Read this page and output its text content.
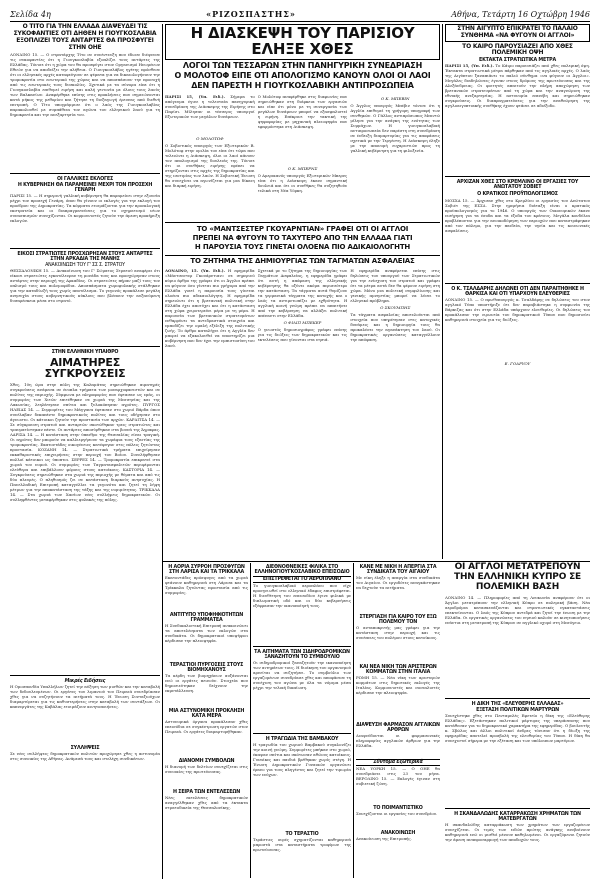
Σελίδα 4η	«ΡΙΖΟΣΠΑΣΤΗΣ»	Αθήνα, Τετάρτη 16 Οχτώβρη 1946
Ο ΤΙΤΟ ΓΙΑ ΤΗΝ ΕΛΛΑΔΑ ΔΙΑΨΕΥΔΕΙ ΤΙΣ ΣΥΚΟΦΑΝΤΙΕΣ ΟΤΙ ΔΗΘΕΝ Η ΓΙΟΥΓΚΟΣΛΑΒΙΑ ΕΞΟΠΛΙΖΕΙ ΤΟΥΣ ΑΝΤΑΡΤΕΣ ΘΑ ΠΡΟΣΦΥΓΕΙ ΣΤΗΝ ΟΗΕ
ΛΟΝΔΙΝΟ 15. — Ο στρατάρχης Τίτο σε συνέντευξη που έδωσε διέψευσε τις συκοφαντίες ότι η Γιουγκοσλαβία εξοπλίζει τους αντάρτες της Ελλάδας. Τόνισε ότι η χώρα του θα προσφύγει στον Οργανισμό Ηνωμένων Εθνών για να αποδείξει την αλήθεια. Ο Γιουγκοσλάβος ηγέτης πρόσθεσε ότι οι ελληνικές αρχές καταφεύγουν σε ψέματα για να δικαιολογήσουν την τρομοκρατία στο εσωτερικό της χώρας και να αποσπάσουν την προσοχή από τις εσωτερικές τους δυσκολίες. Σχετικά με τα σύνορα είπε ότι η Γιουγκοσλαβία επιθυμεί ειρήνη και καλή γειτονία με όλους τους λαούς των Βαλκανίων. Αναφέρθηκε επίσης στις προκλήσεις που σημειώνονται κατά μήκος της μεθορίου και ζήτησε τη διεξαγωγή έρευνας από διεθνή επιτροπή. Ο Τίτο υπογράμμισε ότι ο λαός της Γιουγκοσλαβίας παρακολουθεί με συμπάθεια τον αγώνα του ελληνικού λαού για τη δημοκρατία και την ανεξαρτησία του.
ΟΙ ΓΑΛΛΙΚΕΣ ΕΚΛΟΓΕΣ
Η ΚΥΒΕΡΝΗΣΗ ΘΑ ΠΑΡΑΜΕΙΝΕΙ ΜΕΧΡΙ ΤΟΝ ΠΡΟΣΕΧΗ ΓΕΝΑΡΗ
ΠΑΡΙΣΙ 15. — Η σημερινή γαλλική κυβέρνηση θα παραμείνει στην εξουσία μέχρι τον προσεχή Γενάρη, όπου θα γίνουν οι εκλογές για την εκλογή του προέδρου της Δημοκρατίας. Τα κόμματα ετοιμάζονται για την προεκλογική εκστρατεία και οι διαπραγματεύσεις για το σχηματισμό νέων συνασπισμών συνεχίζονται. Οι κομμουνιστές ζητούν την άμεση προκήρυξη εκλογών.
ΕΙΚΟΣΙ ΣΤΡΑΤΙΩΤΕΣ ΠΡΟΣΧΩΡΗΣΑΝ ΣΤΟΥΣ ΑΝΤΑΡΤΕΣ ΣΤΗΝ ΑΡΚΑΔΙΑ ΤΗΣ ΜΑΝΗΣ
ΑΝΑΚΟΙΝΩΣΗ ΤΟΥ Γ' ΣΣ Σ. ΣΤΡΑΤΟΥ
ΘΕΣΣΑΛΟΝΙΚΗ 15. — Ανακοίνωση του Γ' Σώματος Στρατού αναφέρει ότι είκοσι στρατιώτες εγκατέλειψαν τη μονάδα τους και προσχώρησαν στους αντάρτες στην περιοχή της Αρκαδίας. Οι στρατιώτες πήραν μαζί τους τον οπλισμό τους και πολεμοφόδια. Αποσπάσματα χωροφυλακής στάλθηκαν για την καταδίωξή τους χωρίς αποτέλεσμα. Το γεγονός προκάλεσε μεγάλη ανησυχία στους κυβερνητικούς κύκλους που βλέπουν την αυξανόμενη δυσαρέσκεια μέσα στο στρατό.
ΣΤΗΝ ΕΛΛΗΝΙΚΗ ΥΠΑΙΘΡΟ
ΑΙΜΑΤΗΡΕΣ ΣΥΓΚΡΟΥΣΕΙΣ
Χθες, 10η ώρα στην πόλη της Καλαμάτας σημειώθηκαν αιματηρές συγκρούσεις ανάμεσα σε ένοπλα τμήματα των μοναρχοφασιστών και σε πολίτες της περιοχής. Σύμφωνα με πληροφορίες που έφτασαν ως εμάς, οι συμμορίες των Χιτών επιτέθηκαν σε χωριά της Μεσσηνίας και της Λακωνίας, λεηλάτησαν σπίτια και ξυλοκόπησαν αγρότες. ΠΥΡΓΟΣ ΗΛΕΙΑΣ 14. — Συμμορίτες του Μάγγανα έφτασαν στο χωριό Βάρδα όπου συνέλαβαν δεκαπέντε δημοκρατικούς πολίτες και τους οδήγησαν στο άγνωστο. Οι κάτοικοι ζητούν την προστασία των αρχών. ΚΑΡΔΙΤΣΑ 14. — Σε σύγκρουση στρατού και ανταρτών σκοτώθηκαν τρεις στρατιώτες και τραυματίστηκαν πέντε. Οι αντάρτες αποσύρθηκαν στα βουνά της Άγραφας. ΛΑΡΙΣΑ 14. — Η κατάσταση στην ύπαιθρο της Θεσσαλίας είναι τραγική. Οι αγρότες δεν μπορούν να καλλιεργήσουν τα χωράφια τους εξαιτίας της τρομοκρατίας. Εκατοντάδες οικογένειες κατέφυγαν στις πόλεις ζητώντας προστασία. ΚΟΖΑΝΗ 14. — Στρατιωτικά τμήματα επιχείρησαν εκκαθαριστικές επιχειρήσεις στην περιοχή του Βοΐου. Συνελήφθησαν πολλοί κάτοικοι ως ύποπτοι. ΣΕΡΡΕΣ 14. — Τρομοκρατία επικρατεί στα χωριά του νομού. Οι συμμορίες των Ταγματασφαλιτών περιφέρονται ελεύθερα και επιβάλλουν φόρους στους κατοίκους. ΚΑΣΤΟΡΙΑ 14. — Συγκρούσεις σημειώθηκαν στα χωριά της περιοχής με θύματα και από τις δύο πλευρές. Ο πληθυσμός ζει σε κατάσταση διαρκούς ανησυχίας. Η Πανελλαδική Επιτροπή καταγγέλλει τα γεγονότα και ζητεί τη λήψη μέτρων για την αποκατάσταση της τάξης και της νομιμότητας. ΤΡΙΚΚΑΛΑ 14. — Στα χωριά των Χασίων νέες συλλήψεις δημοκρατικών. Οι συλληφθέντες μεταφέρθηκαν στις φυλακές της πόλης.
Μικρές Ειδήσεις
Η Ομοσπονδία Υπαλλήλων ζητεί την αύξηση των μισθών και την καταβολή των δεδουλευμένων. Οι εργάτες του λιμανιού του Πειραιά συνεδρίασαν χθες για να συζητήσουν τα αιτήματά τους. Η Ένωση Συνταξιούχων διαμαρτύρεται για τις καθυστερήσεις στην καταβολή των συντάξεων. Οι καπνεργάτες της Καβάλας ετοιμάζουν κινητοποιήσεις.
ΣΥΛΛΗΨΕΙΣ
Σε νέες συλλήψεις δημοκρατικών πολιτών προχώρησε χθες η αστυνομία στις συνοικίες της Αθήνας. Ανάμεσά τους και στελέχη συνδικάτων.
Η ΔΙΑΣΚΕΨΗ ΤΟΥ ΠΑΡΙΣΙΟΥ ΕΛΗΞΕ ΧΘΕΣ
ΛΟΓΟΙ ΤΩΝ ΤΕΣΣΑΡΩΝ ΣΤΗΝ ΠΑΝΗΓΥΡΙΚΗ ΣΥΝΕΔΡΙΑΣΗ
Ο ΜΟΛΟΤΟΦ ΕΙΠΕ ΟΤΙ ΑΠΟΛΟΓΙΣΜΟ ΚΑΝΟΥΝ ΟΛΟΙ ΟΙ ΛΑΟΙ
ΔΕΝ ΠΑΡΕΣΤΗ Η ΓΙΟΥΓΚΟΣΛΑΒΙΚΗ ΑΝΤΙΠΡΟΣΩΠΕΙΑ
ΠΑΡΙΣΙ 15, (Υπ. Ειδ.). Σήμερα το απόγευμα έγινε η τελευταία πανηγυρική συνεδρίαση της Διάσκεψης της Ειρήνης στο Παρίσι. Μίλησαν οι τέσσερις υπουργοί Εξωτερικών των μεγάλων δυνάμεων.
Ο ΜΟΛΟΤΩΦ
Ο Σοβιετικός υπουργός των Εξωτερικών Β. Μολότοφ στην ομιλία του είπε ότι τώρα που τελειώνει η Διάσκεψη, όλοι οι λαοί κάνουν τον απολογισμό της δουλειάς της. Τόνισε ότι οι συνθήκες ειρήνης πρέπει να στηρίζονται στις αρχές της δημοκρατίας και της ισοτιμίας των λαών. Η Σοβιετική Ένωση θα συνεχίσει να αγωνίζεται για μια δίκαιη και διαρκή ειρήνη.
Ο Μολότοφ αναφέρθηκε στις διαφωνίες που σημειώθηκαν στη διάρκεια των εργασιών και είπε ότι μόνο με τη συνεργασία των μεγάλων δυνάμεων μπορεί να εξασφαλιστεί η ειρήνη. Επέκρινε την τακτική της ψηφοφορίας με μηχανική πλειοψηφία που εφαρμόστηκε στη Διάσκεψη.
Ο Κ. ΜΠΕΡΝΣ
Ο Αμερικανός υπουργός Εξωτερικών Μπερνς είπε ότι η Διάσκεψη έκανε σημαντική δουλειά και ότι οι συνθήκες θα συζητηθούν τελικά στη Νέα Υόρκη.
Ο Κ. ΜΠΕΒΙΝ
Ο Άγγλος υπουργός Μπέβιν τόνισε ότι η Αγγλία επιθυμεί τη γρήγορη υπογραφή των συνθηκών. Ο Γάλλος αντιπρόσωπος Μπιντώ μίλησε για την ανάγκη της ενότητας των Συμμάχων. Η γιουγκοσλαβική αντιπροσωπεία δεν παρέστη στη συνεδρίαση σε ένδειξη διαμαρτυρίας για τις αποφάσεις σχετικά με την Τεργέστη. Η Διάσκεψη έληξε με την απονομή ευχαριστιών προς τη γαλλική κυβέρνηση για τη φιλοξενία.
ΤΟ «ΜΑΝΤΣΕΣΤΕΡ ΓΚΟΥΑΡΝΤΙΑΝ» ΓΡΑΦΕΙ ΟΤΙ ΟΙ ΑΓΓΛΟΙ
ΠΡΕΠΕΙ ΝΑ ΦΥΓΟΥΝ ΤΟ ΤΑΧΥΤΕΡΟ ΑΠΟ ΤΗΝ ΕΛΛΑΔΑ ΓΙΑΤΙ
Η ΠΑΡΟΥΣΙΑ ΤΟΥΣ ΓΙΝΕΤΑΙ ΟΛΟΕΝΑ ΠΙΟ ΑΔΙΚΑΙΟΛΟΓΗΤΗ
ΤΟ ΖΗΤΗΜΑ ΤΗΣ ΔΗΜΙΟΥΡΓΙΑΣ ΤΩΝ ΤΑΓΜΑΤΩΝ ΑΣΦΑΛΕΙΑΣ
ΛΟΝΔΙΝΟ, 15. (Υπ. Ειδ.). Η εφημερίδα «Μάντσεστερ Γκουάρντιαν» σε σημερινό κύριο άρθρο της γράφει ότι οι Άγγλοι πρέπει να φύγουν όσο γίνεται πιο γρήγορα από την Ελλάδα γιατί η παρουσία τους γίνεται ολοένα πιο αδικαιολόγητη. Η εφημερίδα σημειώνει ότι η βρετανική πολιτική στην Ελλάδα έχει αποτύχει και ότι η κατάσταση στη χώρα χειροτερεύει μέρα με τη μέρα. Η παρουσία των βρετανικών στρατευμάτων ενθαρρύνει τα αντιδραστικά στοιχεία και εμποδίζει την ομαλή εξέλιξη της πολιτικής ζωής. Το άρθρο καταλήγει ότι η Αγγλία δεν μπορεί να εξακολουθεί να υποστηρίζει μια κυβέρνηση που δεν έχει την εμπιστοσύνη του λαού.
Σχετικά με το ζήτημα της δημιουργίας των Ταγμάτων Ασφαλείας, η εφημερίδα γράφει ότι αυτή η απόφαση της ελληνικής κυβέρνησης θα οξύνει ακόμα περισσότερο την κατάσταση. Τα τάγματα αυτά θυμίζουν τα γερμανικά τάγματα της κατοχής και ο λαός τα αντιμετωπίζει με εχθρότητα. Η αγγλική κοινή γνώμη πρέπει να απαιτήσει από την κυβέρνηση να αλλάξει πολιτική απέναντι στην Ελλάδα.
Ο ΦΙΛΙΠ ΜΠΕΚΕΡ
Ο γνωστός δημοσιογράφος γράφει επίσης για τις διώξεις των δημοκρατικών και τις εκτελέσεις που γίνονται στα νησιά.
Η εφημερίδα αναφέρεται επίσης στις δηλώσεις του υπουργού των Στρατιωτικών για την ενίσχυση του στρατού και γράφει ότι τα μέτρα αυτά δεν θα φέρουν ειρήνη στη χώρα. Μόνο μια πολιτική συμφιλίωσης και γενικής αμνηστίας μπορεί να λύσει το ελληνικό πρόβλημα.
Ο ΣΚΟΥΜΠΗΣ
Τα τάγματα ασφαλείας αποτελούνται από στοιχεία που υπηρέτησαν στις κατοχικές δυνάμεις και η δημιουργία τους θα προκαλέσει την αγανάκτηση του λαού. Οι δημοκρατικές οργανώσεις καταγγέλλουν την απόφαση.
ΣΤΗΝ ΑΙΓΥΠΤΟ ΕΠΙΚΡΑΤΕΙ ΤΟ ΠΑΛΑΙΟ ΣΥΝΘΗΜΑ «ΝΑ ΦΥΓΟΥΝ ΟΙ ΑΓΓΛΟΙ»
ΤΟ ΚΑΙΡΟ ΠΑΡΟΥΣΙΑΖΕΙ ΑΠΟ ΧΘΕΣ ΠΟΛΕΜΙΚΗ ΟΨΗ
ΕΚΤΑΚΤΑ ΣΤΡΑΤΙΩΤΙΚΑ ΜΕΤΡΑ
ΠΑΡΙΣΙ 15, (Υπ. Ειδ.). Το Κάιρο παρουσιάζει από χθες πολεμική όψη. Έκτακτα στρατιωτικά μέτρα πάρθηκαν από τις αγγλικές αρχές. Ο λαός της Αιγύπτου ξαναπιάνει το παλιό σύνθημα «να φύγουν οι Άγγλοι». Μεγάλες διαδηλώσεις έγιναν στους δρόμους της πρωτεύουσας και της Αλεξάνδρειας. Οι φοιτητές απαιτούν την πλήρη αποχώρηση των βρετανικών στρατευμάτων από τη χώρα και την αναγνώριση της εθνικής ανεξαρτησίας. Η αστυνομία επενέβη και σημειώθηκαν συγκρούσεις. Οι διαπραγματεύσεις για την αναθεώρηση της αγγλοαιγυπτιακής συνθήκης έχουν φτάσει σε αδιέξοδο.
ΑΡΧΙΖΑΝ ΧΘΕΣ ΣΤΟ ΚΡΕΜΛΙΝΟ ΟΙ ΕΡΓΑΣΙΕΣ ΤΟΥ ΑΝΩΤΑΤΟΥ ΣΟΒΙΕΤ
Ο ΚΡΑΤΙΚΟΣ ΠΡΟΫΠΟΛΟΓΙΣΜΟΣ
ΜΟΣΧΑ 15. — Άρχισαν χθες στο Κρεμλίνο οι εργασίες του Ανώτατου Σοβιέτ της ΕΣΣΔ. Στην ημερήσια διάταξη είναι ο κρατικός προϋπολογισμός για το 1946. Ο υπουργός των Οικονομικών έκανε εισήγηση για τα έσοδα και τα έξοδα του κράτους. Μεγάλα κονδύλια προβλέπονται για την ανοικοδόμηση των περιοχών που καταστράφηκαν από τον πόλεμο, για την παιδεία, την υγεία και τις κοινωνικές ασφαλίσεις.
Ο Κ. ΤΣΑΛΔΑΡΗΣ ΔΗΛΩΝΕΙ ΟΤΙ ΔΕΝ ΠΑΡΑΙΤΗΘΗΚΕ Η ΘΑΡΚΙΣΑ ΚΑΙ ΟΤΙ ΥΠΑΡΧΟΥΝ ΕΛΕΥΘΕΡΙΕΣ
ΛΟΝΔΙΝΟ 15. — Ο πρωθυπουργός κ. Τσαλδάρης σε δηλώσεις του στον αγγλικό Τύπο υποστήριξε ότι δεν παραβιάστηκε η συμφωνία της Βάρκιζας και ότι στην Ελλάδα υπάρχουν ελευθερίες. Οι δηλώσεις του προκάλεσαν την ειρωνεία του δημοκρατικού Τύπου που δημοσιεύει καθημερινά στοιχεία για τις διώξεις.
Ε. ΓΟΔΡΥΟΥ
ΟΙ ΑΓΓΛΟΙ ΜΕΤΑΤΡΕΠΟΥΝ ΤΗΝ ΕΛΛΗΝΙΚΗ ΚΥΠΡΟ ΣΕ ΠΟΛΕΜΙΚΗ ΒΑΣΗ
ΛΟΝΔΙΝΟ 14. — Πληροφορίες από τη Λευκωσία αναφέρουν ότι οι Άγγλοι μετατρέπουν την ελληνική Κύπρο σε πολεμική βάση. Νέα αεροδρόμια κατασκευάζονται και στρατιωτικές εγκαταστάσεις επεκτείνονται. Ο λαός της Κύπρου αντιδρά και ζητεί την ένωση με την Ελλάδα. Οι εργατικές οργανώσεις του νησιού καλούν σε κινητοποιήσεις ενάντια στη μετατροπή της Κύπρου σε αγγλικό οχυρό στη Μεσόγειο.
Η ΔΙΚΗ ΤΗΣ «ΕΛΕΥΘΕΡΗΣ ΕΛΛΑΔΑΣ»
ΕΞΕΤΑΣΗ ΠΟΛΙΤΙΚΩΝ ΜΑΡΤΥΡΩΝ
Συνεχίστηκε χθες στο Πενταμελές Εφετείο η δίκη της «Ελεύθερης Ελλάδας». Εξετάστηκαν πολιτικοί μάρτυρες της υπεράσπισης που κατάθεσαν για το δημοκρατικό χαρακτήρα της εφημερίδας. Ο βουλευτής κ. Σβώλος και άλλοι πολιτικοί άνδρες τόνισαν ότι η δίωξη της εφημερίδας αποτελεί προσβολή της ελευθερίας του Τύπου. Η δίκη θα συνεχιστεί σήμερα με την εξέταση και των υπόλοιπων μαρτύρων.
Η ΣΚΑΝΔΑΛΩΔΗΣ ΚΑΤΑΡΡΑΚΩΣΗ ΧΡΗΜΑΤΩΝ ΤΩΝ ΜΑΤΕΒΡΓΑΤΩΝ
Η σκανδαλώδης καταρράκωση των χρημάτων των εργαζομένων συνεχίζεται. Οι τιμές των ειδών πρώτης ανάγκης ανεβαίνουν καθημερινά ενώ οι μισθοί μένουν καθηλωμένοι. Οι εργαζόμενοι ζητούν την άμεση αναπροσαρμογή των αποδοχών τους.
Η ΑΟΡΙΑ ΣΥΡΡΟΗ ΠΡΟΣΦΥΓΩΝ ΣΤΗ ΛΑΡΙΣΑ ΚΑΙ ΤΑ ΤΡΙΚΚΑΛΑ
Εκατοντάδες πρόσφυγες από τα χωριά φτάνουν καθημερινά στη Λάρισα και τα Τρίκκαλα ζητώντας προστασία από τις συμμορίες.
ΑΝΤΙΤΥΠΟ ΥΠΟΦΗΦΙΟΤΗΤΩΝ ΓΡΑΜΜΑΤΕΑ
Η Συνδικαλιστική Επιτροπή ανακοινώνει τα αποτελέσματα των εκλογών στα συνδικάτα. Οι δημοκρατικοί υποψήφιοι κέρδισαν την πλειοψηφία.
ΤΕΡΑΣΤΙΟΙ ΠΥΡΓΟΣΕΙΣ ΣΤΟΥΣ ΒΙΟΜΗΧΑΝΟΥΣ
Τα κέρδη των βιομηχάνων αυξάνονται ενώ οι εργάτες πεινούν. Στοιχεία που δημοσιεύτηκαν δείχνουν την εκμετάλλευση.
ΜΙΑ ΑΣΤΥΝΟΜΙΚΗ ΠΡΟΚΛΗΣΗ ΚΑΤΑ ΜΕΡΑ
Αστυνομικά όργανα προκάλεσαν χθες επεισόδια σε συγκέντρωση εργατών στον Πειραιά. Οι εργάτες διαμαρτυρήθηκαν.
ΔΙΑΝΟΜΗ ΣΥΜΒΟΛΩΝ
Η διανομή των δελτίων συνεχίζεται στις συνοικίες της πρωτεύουσας.
Η ΣΕΙΡΑ ΤΩΝ ΕΝΤΕΛΕΣΕΩΝ
Νέες εκτελέσεις δημοκρατικών αναγγέλθηκαν χθες από τα έκτακτα στρατοδικεία της Θεσσαλονίκης.
ΔΙΕΘΝΟΘΝΕΙΚΕΣ ΦΙΛΙΚΑ ΣΤΟ ΕΛΛΗΝΟΓΙΟΥΓΚΟΣΛΑΒΙΚΟ ΕΠΕΙΣΟΔΙΟ
ΕΠΙΣΤΡΕΦΕΤΑΙ ΤΟ ΑΕΡΟΠΛΑΝΟ
Το γιουγκοσλαβικό αεροπλάνο που είχε προσγειωθεί στο ελληνικό έδαφος επιστρέφεται. Η διευθέτηση του επεισοδίου έγινε φιλικά με διπλωματική οδό και οι δύο κυβερνήσεις εξέφρασαν την ικανοποίησή τους.
ΤΑ ΑΙΤΗΜΑΤΑ ΤΩΝ ΣΙΔΗΡΟΔΡΟΜΙΚΩΝ ΞΑΝΑΖΗΤΟΥΝ ΤΟ ΣΥΜΒΟΥΛΙΟ
Οι σιδηροδρομικοί ξαναζητούν την ικανοποίηση των αιτημάτων τους. Η διοίκηση του οργανισμού αρνείται να συζητήσει. Το συμβούλιο των εργαζομένων συνεδρίασε χθες και αποφάσισε τη συνέχιση του αγώνα με όλα τα νόμιμα μέσα μέχρι την τελική δικαίωση.
Η ΤΡΑΓΩΔΙΑ ΤΗΣ ΒΑΜΒΑΚΟΥ
Η τραγωδία του χωριού Βαμβακού συγκλονίζει την κοινή γνώμη. Συμμορίτες μπήκαν στο χωριό, έκαψαν σπίτια και σκότωσαν αθώους κατοίκους. Γυναίκες και παιδιά βρέθηκαν χωρίς στέγη. Η Ένωση Δημοκρατικών Γυναικών οργανώνει έρανο για τους πληγέντες και ζητεί την τιμωρία των ενόχων.
ΤΟ ΤΕΡΑΣΤΙΟ
Τεράστιες ουρές σχηματίζονται καθημερινά μπροστά στα καταστήματα τροφίμων της πρωτεύουσας.
ΚΑΝΕ ΜΕ ΝΙΚΗ Η ΑΠΕΡΓΙΑ ΣΤΑ ΣΥΝΔΙΚΑΤΑ ΤΟΥ ΑΙΓΑΙΟΥ
Με νίκη έληξε η απεργία στα συνδικάτα του Αιγαίου. Οι εργοδότες αναγκάστηκαν να δεχτούν τα αιτήματα.
ΣΤΕΡΓΙΑΣΗ ΓΙΑ ΚΑΙΡΟ ΤΟΥ ΕΞΩ ΠΟΛΕΜΟΥ ΤΟΝ
Ο ανταποκριτής μας γράφει για την κατάσταση στην περιοχή και τις συνέπειες του πολέμου στους κατοίκους.
ΚΑΙ ΝΕΑ ΝΙΚΗ ΤΩΝ ΑΡΙΣΤΕΡΩΝ ΚΟΜΜΑΤΩΝ ΣΤΗΝ ΙΤΑΛΙΑ
ΡΩΜΗ 15. — Νέα νίκη των αριστερών κομμάτων στις δημοτικές εκλογές της Ιταλίας. Κομμουνιστές και σοσιαλιστές κέρδισαν την πλειοψηφία.
ΔΙΑΨΕΥΣΗ ΦΑΡΜΑΣΟΝ ΑΓΓΛΙΚΩΝ ΑΡΘΡΩΝ
Διαψεύδονται οι φαρμασονικές πληροφορίες αγγλικών άρθρων για την Ελλάδα.
Σύντομα Εξωτερικά
ΝΕΑ ΥΟΡΚΗ 15. — Ο ΟΗΕ θα συνεδριάσει στις 23 του μήνα. ΒΕΡΟΛΙΝΟ 15. — Εκλογές έγιναν στη σοβιετική ζώνη.
ΤΟ ΠΟΙΜΑΝΤΙΣΤΙΚΟ
Συνεχίζονται οι εργασίες του συνεδρίου.
ΑΝΑΚΟΙΝΩΣΗ
Ανακοίνωση της Επιτροπής.
